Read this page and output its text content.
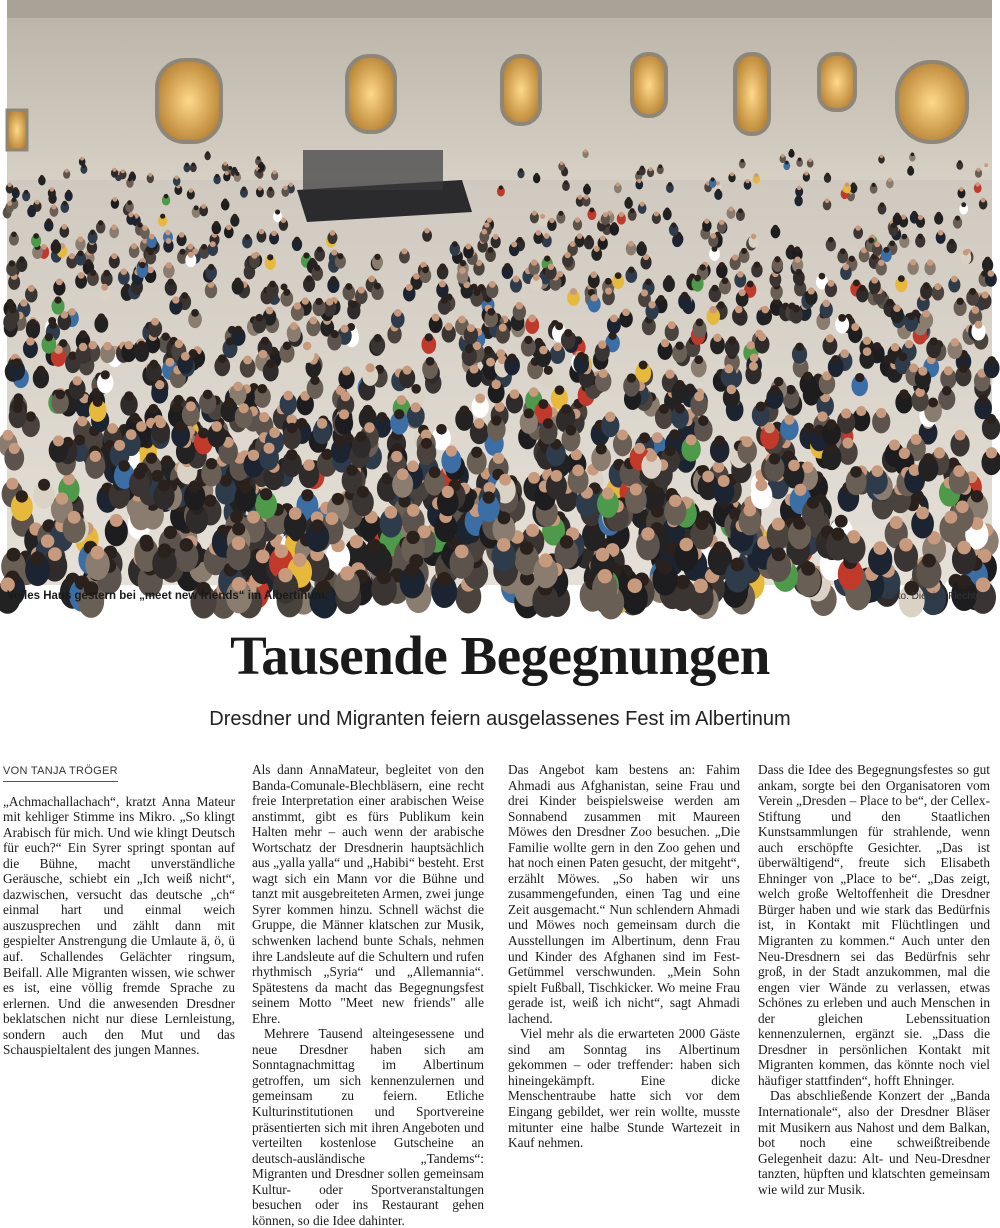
Volles Haus gestern bei „meet new friends“ im Albertinum.	Foto: Dietrich Flechtner
Tausende Begegnungen
Dresdner und Migranten feiern ausgelassenes Fest im Albertinum
VON TANJA TRÖGER

„Achmachallachach“, kratzt Anna Mateur mit kehliger Stimme ins Mikro. „So klingt Arabisch für mich. Und wie klingt Deutsch für euch?“ Ein Syrer springt spontan auf die Bühne, macht unverständliche Geräusche, schiebt ein „Ich weiß nicht“, dazwischen, versucht das deutsche „ch“ einmal hart und einmal weich auszusprechen und zählt dann mit gespielter Anstrengung die Umlaute ä, ö, ü auf. Schallendes Gelächter ringsum, Beifall. Alle Migranten wissen, wie schwer es ist, eine völlig fremde Sprache zu erlernen. Und die anwesenden Dresdner beklatschen nicht nur diese Lernleistung, sondern auch den Mut und das Schauspieltalent des jungen Mannes.

Als dann AnnaMateur, begleitet von den Banda-Comunale-Blechbläsern, eine recht freie Interpretation einer arabischen Weise anstimmt, gibt es fürs Publikum kein Halten mehr – auch wenn der arabische Wortschatz der Dresdnerin hauptsächlich aus „yalla yalla“ und „Habibi“ besteht. Erst wagt sich ein Mann vor die Bühne und tanzt mit ausgebreiteten Armen, zwei junge Syrer kommen hinzu. Schnell wächst die Gruppe, die Männer klatschen zur Musik, schwenken lachend bunte Schals, nehmen ihre Landsleute auf die Schultern und rufen rhythmisch „Syria“ und „Allemannia“. Spätestens da macht das Begegnungsfest seinem Motto "Meet new friends" alle Ehre.

Mehrere Tausend alteingesessene und neue Dresdner haben sich am Sonntagnachmittag im Albertinum getroffen, um sich kennenzulernen und gemeinsam zu feiern. Etliche Kulturinstitutionen und Sportvereine präsentierten sich mit ihren Angeboten und verteilten kostenlose Gutscheine an deutsch-ausländische „Tandems“: Migranten und Dresdner sollen gemeinsam Kultur- oder Sportveranstaltungen besuchen oder ins Restaurant gehen können, so die Idee dahinter.

Das Angebot kam bestens an: Fahim Ahmadi aus Afghanistan, seine Frau und drei Kinder beispielsweise werden am Sonnabend zusammen mit Maureen Möwes den Dresdner Zoo besuchen. „Die Familie wollte gern in den Zoo gehen und hat noch einen Paten gesucht, der mitgeht“, erzählt Möwes. „So haben wir uns zusammengefunden, einen Tag und eine Zeit ausgemacht.“ Nun schlendern Ahmadi und Möwes noch gemeinsam durch die Ausstellungen im Albertinum, denn Frau und Kinder des Afghanen sind im Fest-Getümmel verschwunden. „Mein Sohn spielt Fußball, Tischkicker. Wo meine Frau gerade ist, weiß ich nicht“, sagt Ahmadi lachend.

Viel mehr als die erwarteten 2000 Gäste sind am Sonntag ins Albertinum gekommen – oder treffender: haben sich hineingekämpft. Eine dicke Menschentraube hatte sich vor dem Eingang gebildet, wer rein wollte, musste mitunter eine halbe Stunde Wartezeit in Kauf nehmen.

Dass die Idee des Begegnungsfestes so gut ankam, sorgte bei den Organisatoren vom Verein „Dresden – Place to be“, der Cellex-Stiftung und den Staatlichen Kunstsammlungen für strahlende, wenn auch erschöpfte Gesichter. „Das ist überwältigend“, freute sich Elisabeth Ehninger von „Place to be“. „Das zeigt, welch große Weltoffenheit die Dresdner Bürger haben und wie stark das Bedürfnis ist, in Kontakt mit Flüchtlingen und Migranten zu kommen.“ Auch unter den Neu-Dresdnern sei das Bedürfnis sehr groß, in der Stadt anzukommen, mal die engen vier Wände zu verlassen, etwas Schönes zu erleben und auch Menschen in der gleichen Lebenssituation kennenzulernen, ergänzt sie. „Dass die Dresdner in persönlichen Kontakt mit Migranten kommen, das könnte noch viel häufiger stattfinden“, hofft Ehninger.

Das abschließende Konzert der „Banda Internationale“, also der Dresdner Bläser mit Musikern aus Nahost und dem Balkan, bot noch eine schweißtreibende Gelegenheit dazu: Alt- und Neu-Dresdner tanzten, hüpften und klatschten gemeinsam wie wild zur Musik.
